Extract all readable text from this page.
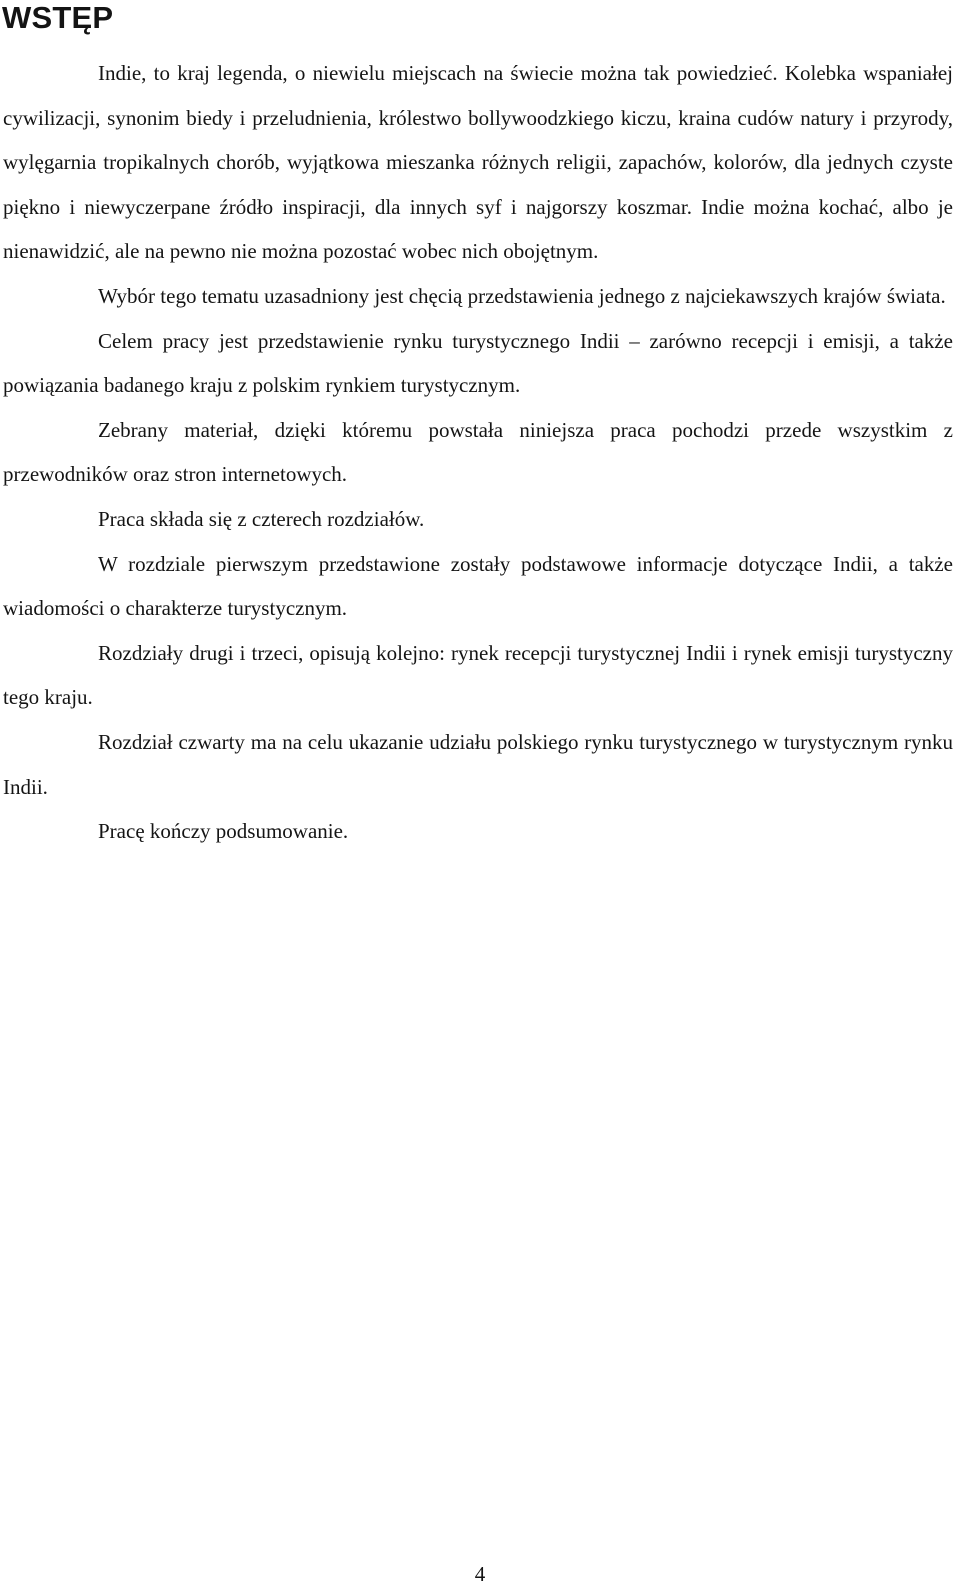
WSTĘP

Indie, to kraj legenda, o niewielu miejscach na świecie można tak powiedzieć. Kolebka wspaniałej cywilizacji, synonim biedy i przeludnienia, królestwo bollywoodzkiego kiczu, kraina cudów natury i przyrody, wylęgarnia tropikalnych chorób, wyjątkowa mieszanka różnych religii, zapachów, kolorów, dla jednych czyste piękno i niewyczerpane źródło inspiracji, dla innych syf i najgorszy koszmar. Indie można kochać, albo je nienawidzić, ale na pewno nie można pozostać wobec nich obojętnym.

Wybór tego tematu uzasadniony jest chęcią przedstawienia jednego z najciekawszych krajów świata.

Celem pracy jest przedstawienie rynku turystycznego Indii – zarówno recepcji i emisji, a także powiązania badanego kraju z polskim rynkiem turystycznym.

Zebrany materiał, dzięki któremu powstała niniejsza praca pochodzi przede wszystkim z przewodników oraz stron internetowych.

Praca składa się z czterech rozdziałów.

W rozdziale pierwszym przedstawione zostały podstawowe informacje dotyczące Indii, a także wiadomości o charakterze turystycznym.

Rozdziały drugi i trzeci, opisują kolejno: rynek recepcji turystycznej Indii i rynek emisji turystyczny tego kraju.

Rozdział czwarty ma na celu ukazanie udziału polskiego rynku turystycznego w turystycznym rynku Indii.

Pracę kończy podsumowanie.

4
